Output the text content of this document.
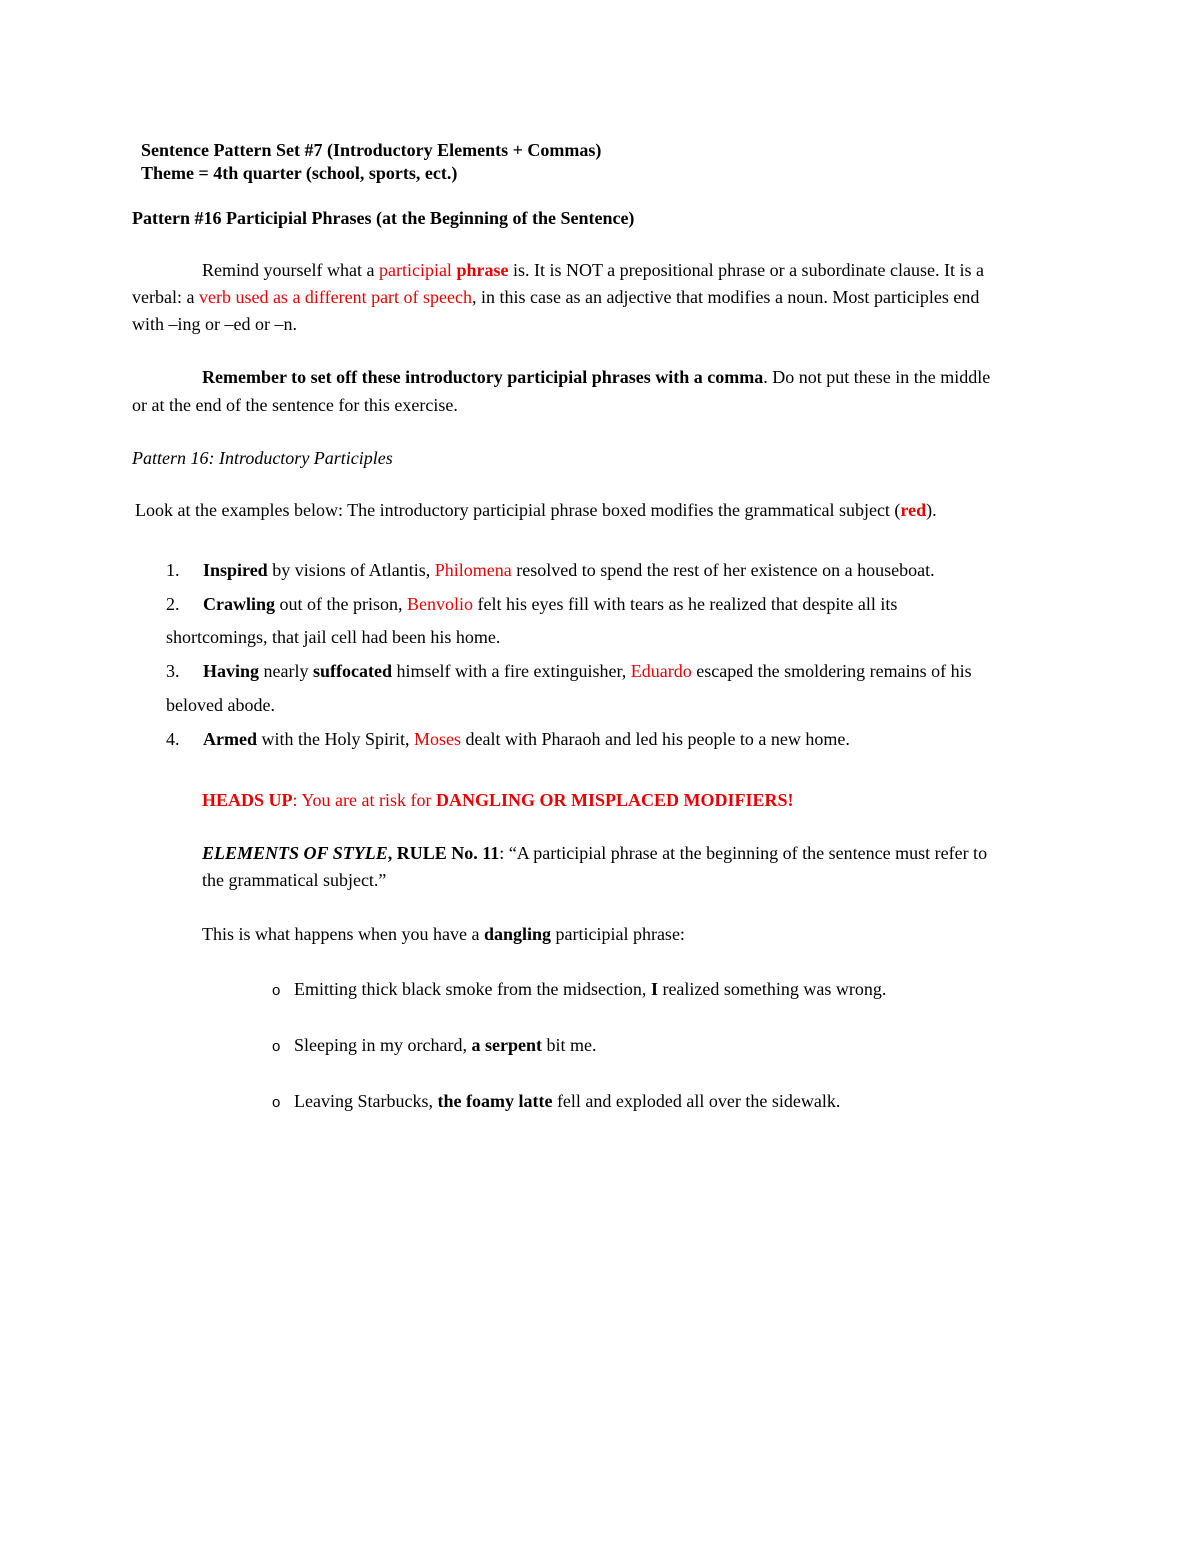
Sentence Pattern Set #7 (Introductory Elements + Commas)
Theme = 4th quarter (school, sports, ect.)
Pattern #16 Participial Phrases (at the Beginning of the Sentence)
Remind yourself what a participial phrase is. It is NOT a prepositional phrase or a subordinate clause. It is a
verbal: a verb used as a different part of speech, in this case as an adjective that modifies a noun. Most participles end
with –ing or –ed or –n.
Remember to set off these introductory participial phrases with a comma. Do not put these in the middle
or at the end of the sentence for this exercise.
Pattern 16: Introductory Participles
Look at the examples below: The introductory participial phrase boxed modifies the grammatical subject (red).
1. Inspired by visions of Atlantis, Philomena resolved to spend the rest of her existence on a houseboat.
2. Crawling out of the prison, Benvolio felt his eyes fill with tears as he realized that despite all its
shortcomings, that jail cell had been his home.
3. Having nearly suffocated himself with a fire extinguisher, Eduardo escaped the smoldering remains of his
beloved abode.
4. Armed with the Holy Spirit, Moses dealt with Pharaoh and led his people to a new home.
HEADS UP: You are at risk for DANGLING OR MISPLACED MODIFIERS!
ELEMENTS OF STYLE, RULE No. 11: “A participial phrase at the beginning of the sentence must refer to
the grammatical subject.”
This is what happens when you have a dangling participial phrase:
o Emitting thick black smoke from the midsection, I realized something was wrong.
o Sleeping in my orchard, a serpent bit me.
o Leaving Starbucks, the foamy latte fell and exploded all over the sidewalk.
